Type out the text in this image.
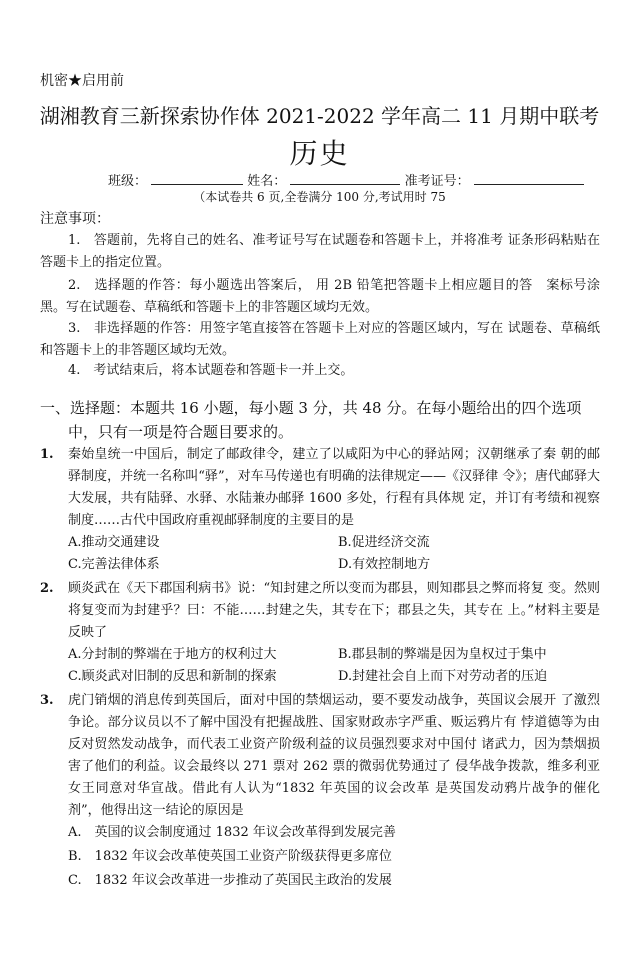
机密★启用前
湖湘教育三新探索协作体 2021-2022 学年高二 11 月期中联考
历史
班级：	姓名：	准考证号：
（本试卷共 6 页,全卷满分 100 分,考试用时 75
注意事项：
1.　答题前，先将自己的姓名、准考证号写在试题卷和答题卡上，并将准考 证条形码粘贴在答题卡上的指定位置。
2.　选择题的作答：每小题选出答案后， 用 2B 铅笔把答题卡上相应题目的答　案标号涂黑。写在试题卷、草稿纸和答题卡上的非答题区域均无效。
3.　非选择题的作答：用签字笔直接答在答题卡上对应的答题区域内，写在 试题卷、草稿纸和答题卡上的非答题区域均无效。
4.　考试结束后，将本试题卷和答题卡一并上交。
一、选择题：本题共 16 小题，每小题 3 分，共 48 分。在每小题给出的四个选项中，只有一项是符合题目要求的。
1. 秦始皇统一中国后，制定了邮政律令，建立了以咸阳为中心的驿站网；汉朝继承了秦 朝的邮驿制度，并统一名称叫“驿”，对车马传递也有明确的法律规定——《汉驿律 令》；唐代邮驿大大发展，共有陆驿、水驿、水陆兼办邮驿 1600 多处，行程有具体规 定，并订有考绩和视察制度……古代中国政府重视邮驿制度的主要目的是
A.推动交通建设	B.促进经济交流
C.完善法律体系	D.有效控制地方
2. 顾炎武在《天下郡国利病书》说：“知封建之所以变而为郡县，则知郡县之弊而将复 变。然则将复变而为封建乎？曰：不能……封建之失，其专在下；郡县之失，其专在 上。”材料主要是反映了
A.分封制的弊端在于地方的权利过大	B.郡县制的弊端是因为皇权过于集中
C.顾炎武对旧制的反思和新制的探索	D.封建社会自上而下对劳动者的压迫
3. 虎门销烟的消息传到英国后，面对中国的禁烟运动，要不要发动战争，英国议会展开 了激烈争论。部分议员以不了解中国没有把握战胜、国家财政赤字严重、贩运鸦片有 悖道德等为由反对贸然发动战争，而代表工业资产阶级利益的议员强烈要求对中国付 诸武力，因为禁烟损害了他们的利益。议会最终以 271 票对 262 票的微弱优势通过了 侵华战争拨款，维多利亚女王同意对华宣战。借此有人认为“1832 年英国的议会改革 是英国发动鸦片战争的催化剂”，他得出这一结论的原因是
A.　英国的议会制度通过 1832 年议会改革得到发展完善
B.　1832 年议会改革使英国工业资产阶级获得更多席位
C.　1832 年议会改革进一步推动了英国民主政治的发展
